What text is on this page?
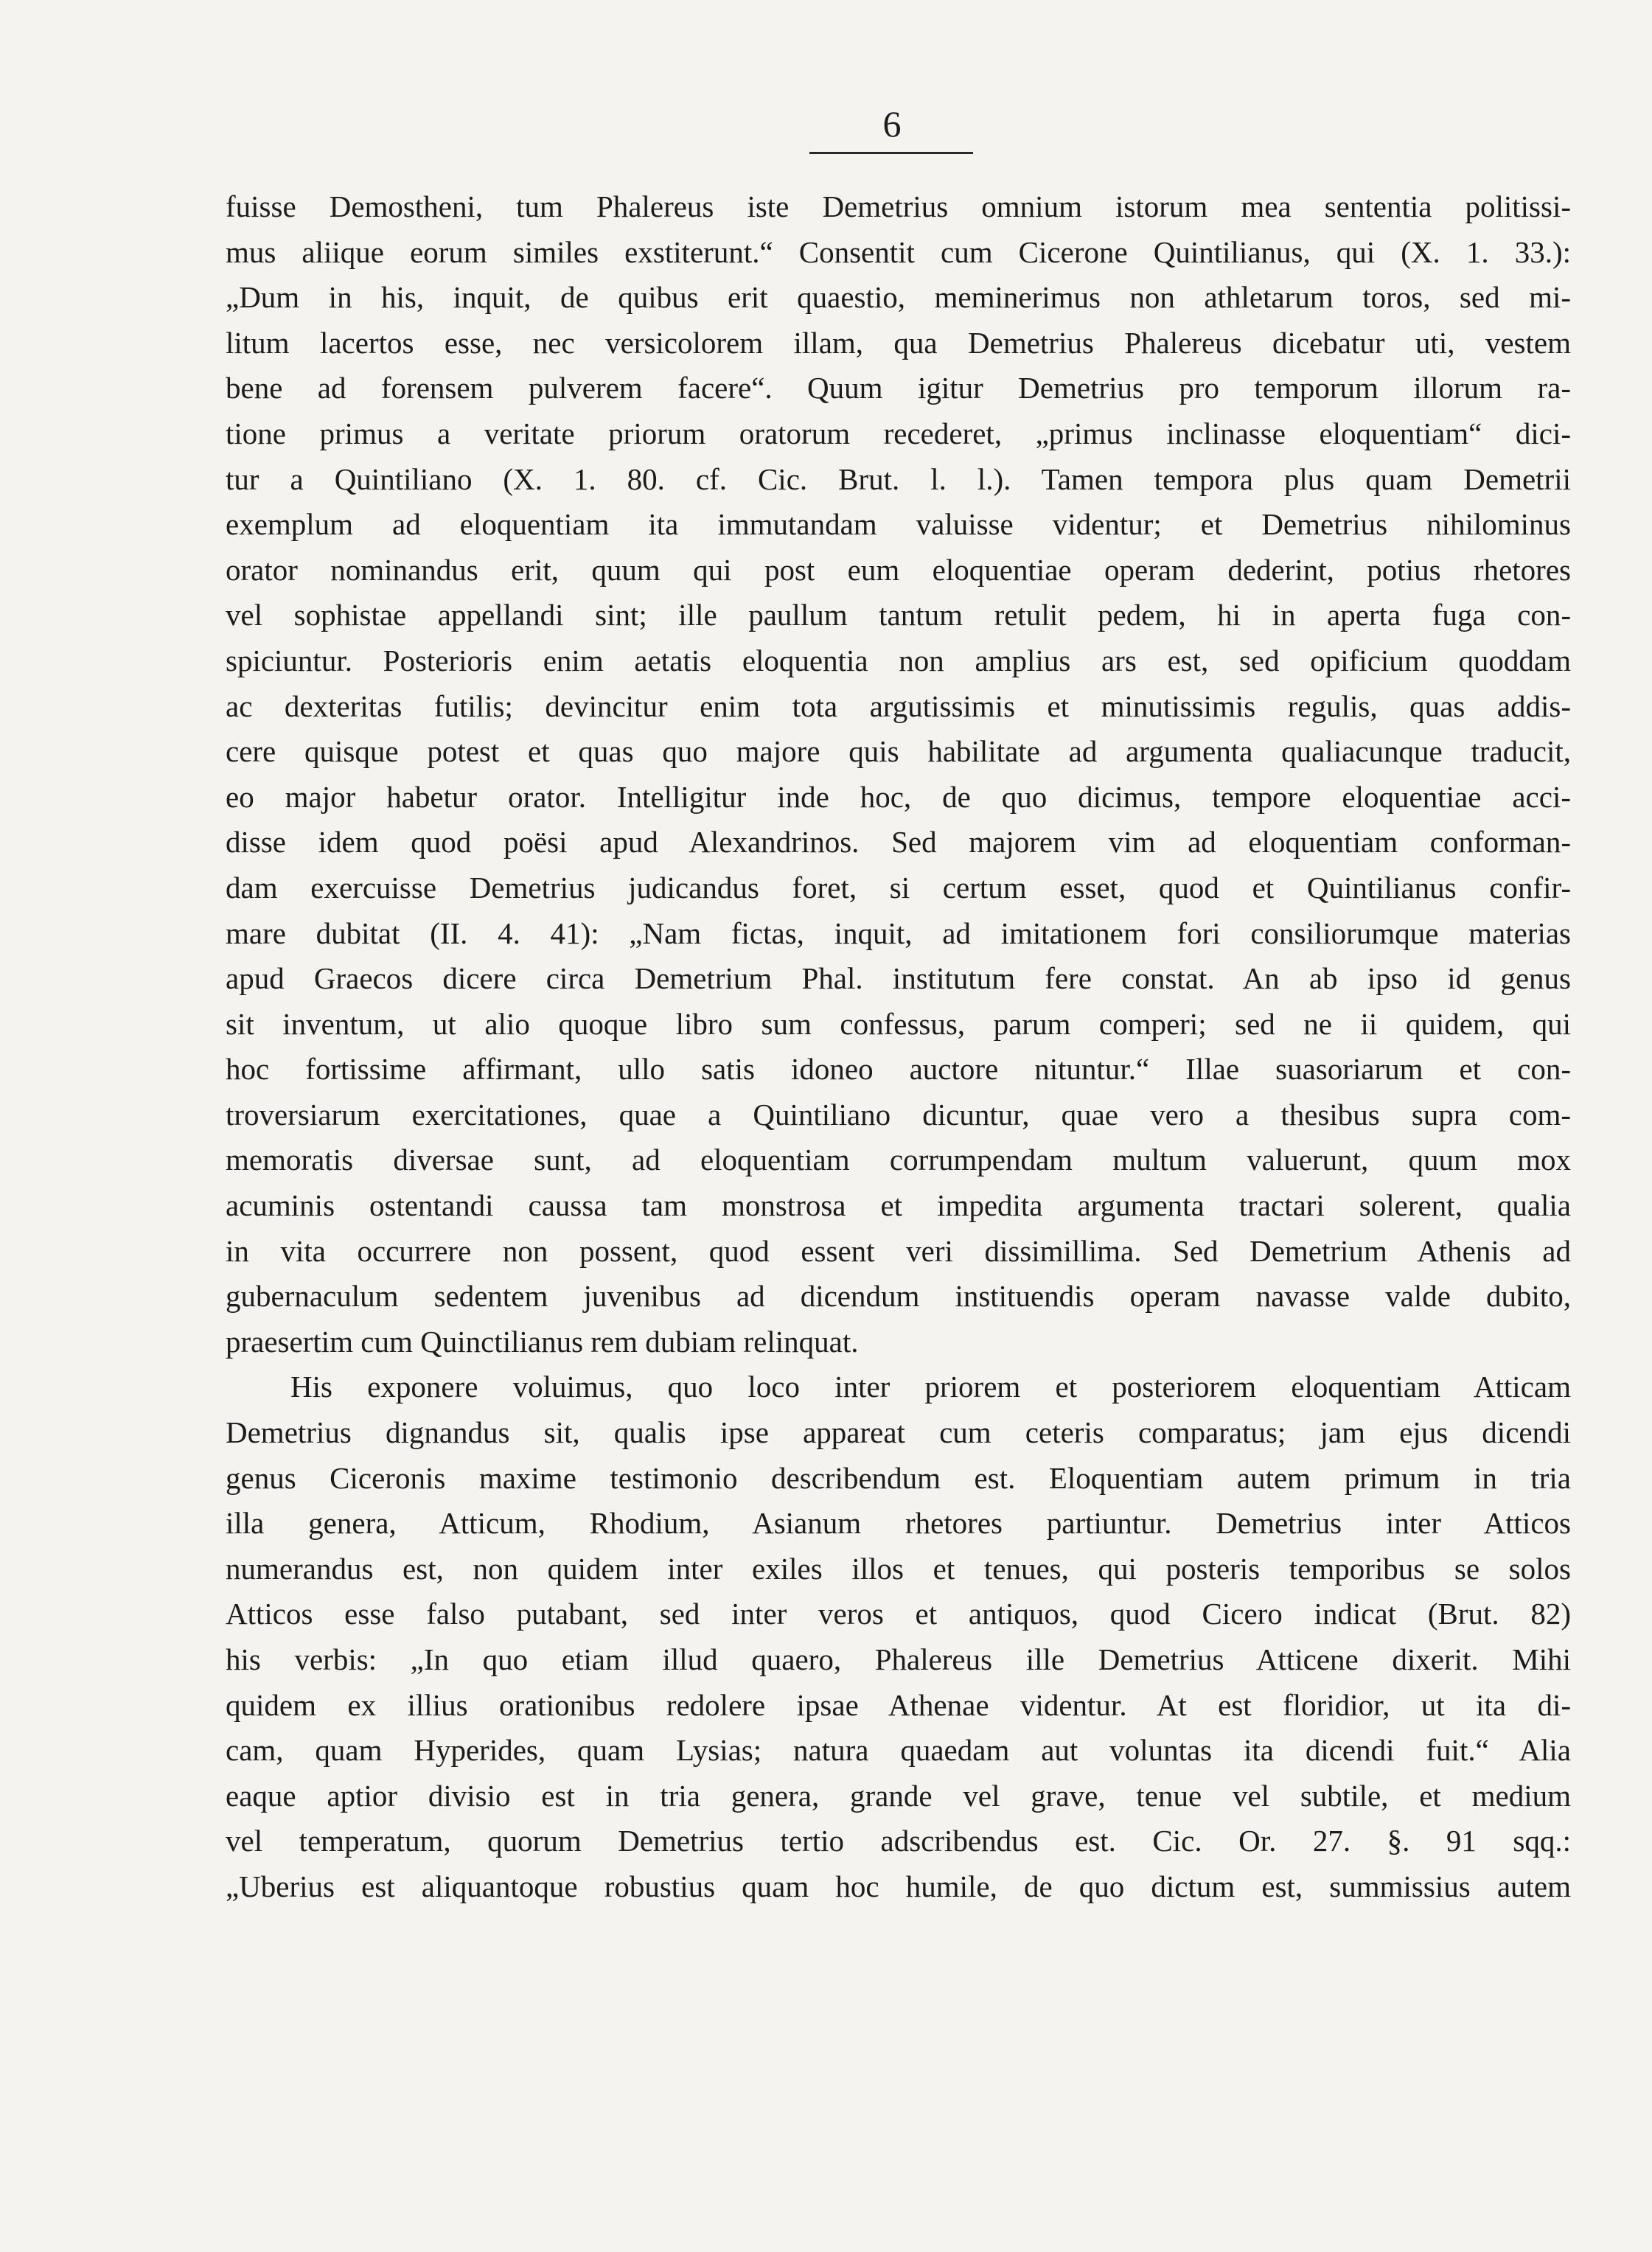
6
fuisse Demostheni, tum Phalereus iste Demetrius omnium istorum mea sententia politissi-
mus aliique eorum similes exstiterunt.“ Consentit cum Cicerone Quintilianus, qui (X. 1. 33.):
„Dum in his, inquit, de quibus erit quaestio, meminerimus non athletarum toros, sed mi-
litum lacertos esse, nec versicolorem illam, qua Demetrius Phalereus dicebatur uti, vestem
bene ad forensem pulverem facere“. Quum igitur Demetrius pro temporum illorum ra-
tione primus a veritate priorum oratorum recederet, „primus inclinasse eloquentiam“ dici-
tur a Quintiliano (X. 1. 80. cf. Cic. Brut. l. l.). Tamen tempora plus quam Demetrii
exemplum ad eloquentiam ita immutandam valuisse videntur; et Demetrius nihilominus
orator nominandus erit, quum qui post eum eloquentiae operam dederint, potius rhetores
vel sophistae appellandi sint; ille paullum tantum retulit pedem, hi in aperta fuga con-
spiciuntur. Posterioris enim aetatis eloquentia non amplius ars est, sed opificium quoddam
ac dexteritas futilis; devincitur enim tota argutissimis et minutissimis regulis, quas addis-
cere quisque potest et quas quo majore quis habilitate ad argumenta qualiacunque traducit,
eo major habetur orator. Intelligitur inde hoc, de quo dicimus, tempore eloquentiae acci-
disse idem quod poësi apud Alexandrinos. Sed majorem vim ad eloquentiam conforman-
dam exercuisse Demetrius judicandus foret, si certum esset, quod et Quintilianus confir-
mare dubitat (II. 4. 41): „Nam fictas, inquit, ad imitationem fori consiliorumque materias
apud Graecos dicere circa Demetrium Phal. institutum fere constat. An ab ipso id genus
sit inventum, ut alio quoque libro sum confessus, parum comperi; sed ne ii quidem, qui
hoc fortissime affirmant, ullo satis idoneo auctore nituntur.“ Illae suasoriarum et con-
troversiarum exercitationes, quae a Quintiliano dicuntur, quae vero a thesibus supra com-
memoratis diversae sunt, ad eloquentiam corrumpendam multum valuerunt, quum mox
acuminis ostentandi caussa tam monstrosa et impedita argumenta tractari solerent, qualia
in vita occurrere non possent, quod essent veri dissimillima. Sed Demetrium Athenis ad
gubernaculum sedentem juvenibus ad dicendum instituendis operam navasse valde dubito,
praesertim cum Quinctilianus rem dubiam relinquat.
His exponere voluimus, quo loco inter priorem et posteriorem eloquentiam Atticam
Demetrius dignandus sit, qualis ipse appareat cum ceteris comparatus; jam ejus dicendi
genus Ciceronis maxime testimonio describendum est. Eloquentiam autem primum in tria
illa genera, Atticum, Rhodium, Asianum rhetores partiuntur. Demetrius inter Atticos
numerandus est, non quidem inter exiles illos et tenues, qui posteris temporibus se solos
Atticos esse falso putabant, sed inter veros et antiquos, quod Cicero indicat (Brut. 82)
his verbis: „In quo etiam illud quaero, Phalereus ille Demetrius Atticene dixerit. Mihi
quidem ex illius orationibus redolere ipsae Athenae videntur. At est floridior, ut ita di-
cam, quam Hyperides, quam Lysias; natura quaedam aut voluntas ita dicendi fuit.“ Alia
eaque aptior divisio est in tria genera, grande vel grave, tenue vel subtile, et medium
vel temperatum, quorum Demetrius tertio adscribendus est. Cic. Or. 27. §. 91 sqq.:
„Uberius est aliquantoque robustius quam hoc humile, de quo dictum est, summissius autem
